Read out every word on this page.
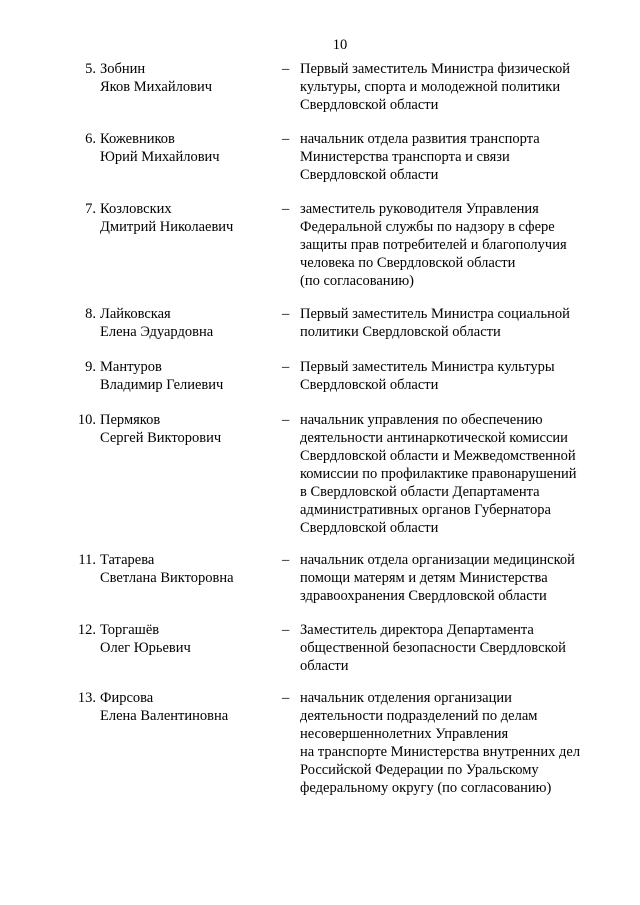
10
5. Зобнин
Яков Михайлович
– Первый заместитель Министра физической
культуры, спорта и молодежной политики
Свердловской области
6. Кожевников
Юрий Михайлович
– начальник отдела развития транспорта
Министерства транспорта и связи
Свердловской области
7. Козловских
Дмитрий Николаевич
– заместитель руководителя Управления
Федеральной службы по надзору в сфере
защиты прав потребителей и благополучия
человека по Свердловской области
(по согласованию)
8. Лайковская
Елена Эдуардовна
– Первый заместитель Министра социальной
политики Свердловской области
9. Мантуров
Владимир Гелиевич
– Первый заместитель Министра культуры
Свердловской области
10. Пермяков
Сергей Викторович
– начальник управления по обеспечению
деятельности антинаркотической комиссии
Свердловской области и Межведомственной
комиссии по профилактике правонарушений
в Свердловской области Департамента
административных органов Губернатора
Свердловской области
11. Татарева
Светлана Викторовна
– начальник отдела организации медицинской
помощи матерям и детям Министерства
здравоохранения Свердловской области
12. Торгашёв
Олег Юрьевич
– Заместитель директора Департамента
общественной безопасности Свердловской
области
13. Фирсова
Елена Валентиновна
– начальник отделения организации
деятельности подразделений по делам
несовершеннолетних Управления
на транспорте Министерства внутренних дел
Российской Федерации по Уральскому
федеральному округу (по согласованию)
